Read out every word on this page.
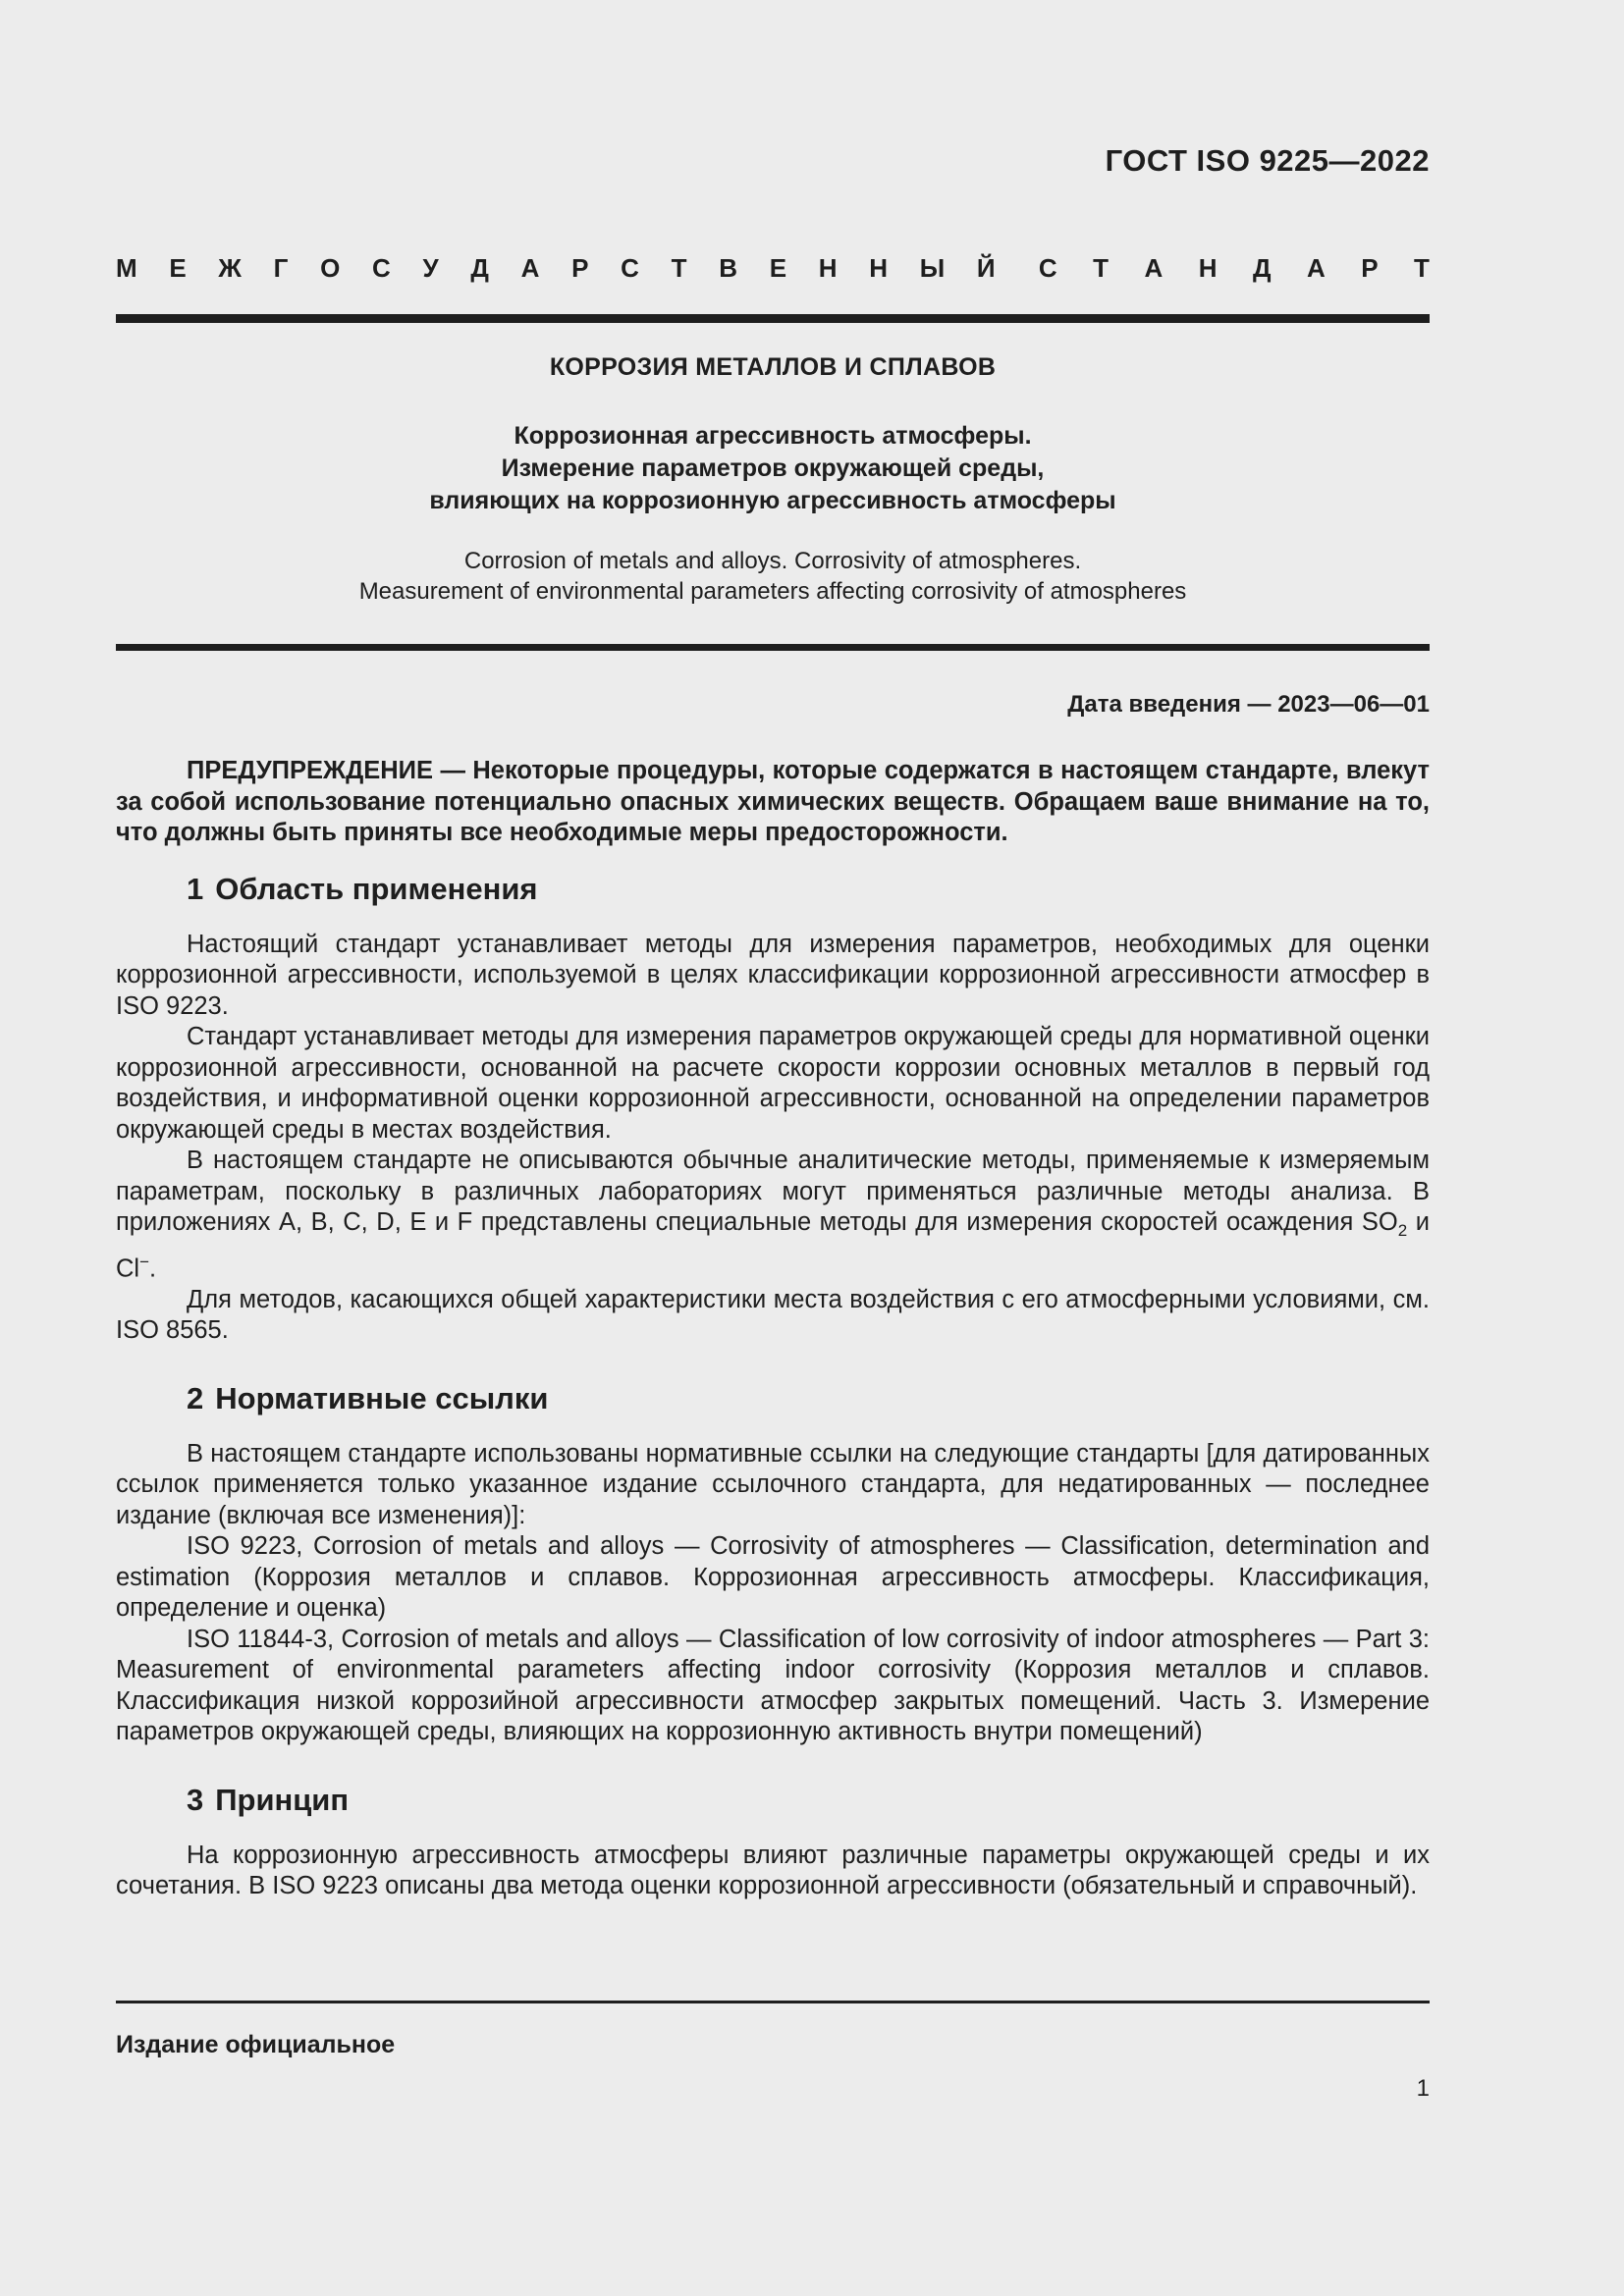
ГОСТ ISO 9225—2022
М Е Ж Г О С У Д А Р С Т В Е Н Н Ы Й С Т А Н Д А Р Т
КОРРОЗИЯ МЕТАЛЛОВ И СПЛАВОВ
Коррозионная агрессивность атмосферы.
Измерение параметров окружающей среды,
влияющих на коррозионную агрессивность атмосферы
Corrosion of metals and alloys. Corrosivity of atmospheres.
Measurement of environmental parameters affecting corrosivity of atmospheres
Дата введения — 2023—06—01

ПРЕДУПРЕЖДЕНИЕ — Некоторые процедуры, которые содержатся в настоящем стандарте, влекут за собой использование потенциально опасных химических веществ. Обращаем ваше внимание на то, что должны быть приняты все необходимые меры предосторожности.

1 Область применения

Настоящий стандарт устанавливает методы для измерения параметров, необходимых для оценки коррозионной агрессивности, используемой в целях классификации коррозионной агрессивности атмосфер в ISO 9223.

Стандарт устанавливает методы для измерения параметров окружающей среды для нормативной оценки коррозионной агрессивности, основанной на расчете скорости коррозии основных металлов в первый год воздействия, и информативной оценки коррозионной агрессивности, основанной на определении параметров окружающей среды в местах воздействия.

В настоящем стандарте не описываются обычные аналитические методы, применяемые к измеряемым параметрам, поскольку в различных лабораториях могут применяться различные методы анализа. В приложениях A, B, C, D, E и F представлены специальные методы для измерения скоростей осаждения $SO_2$ и Cl−.

Для методов, касающихся общей характеристики места воздействия с его атмосферными условиями, см. ISO 8565.

2 Нормативные ссылки

В настоящем стандарте использованы нормативные ссылки на следующие стандарты [для датированных ссылок применяется только указанное издание ссылочного стандарта, для недатированных — последнее издание (включая все изменения)]:

ISO 9223, Corrosion of metals and alloys — Corrosivity of atmospheres — Classification, determination and estimation (Коррозия металлов и сплавов. Коррозионная агрессивность атмосферы. Классификация, определение и оценка)

ISO 11844-3, Corrosion of metals and alloys — Classification of low corrosivity of indoor atmospheres — Part 3: Measurement of environmental parameters affecting indoor corrosivity (Коррозия металлов и сплавов. Классификация низкой коррозийной агрессивности атмосфер закрытых помещений. Часть 3. Измерение параметров окружающей среды, влияющих на коррозионную активность внутри помещений)

3 Принцип

На коррозионную агрессивность атмосферы влияют различные параметры окружающей среды и их сочетания. В ISO 9223 описаны два метода оценки коррозионной агрессивности (обязательный и справочный).

Издание официальное
1
